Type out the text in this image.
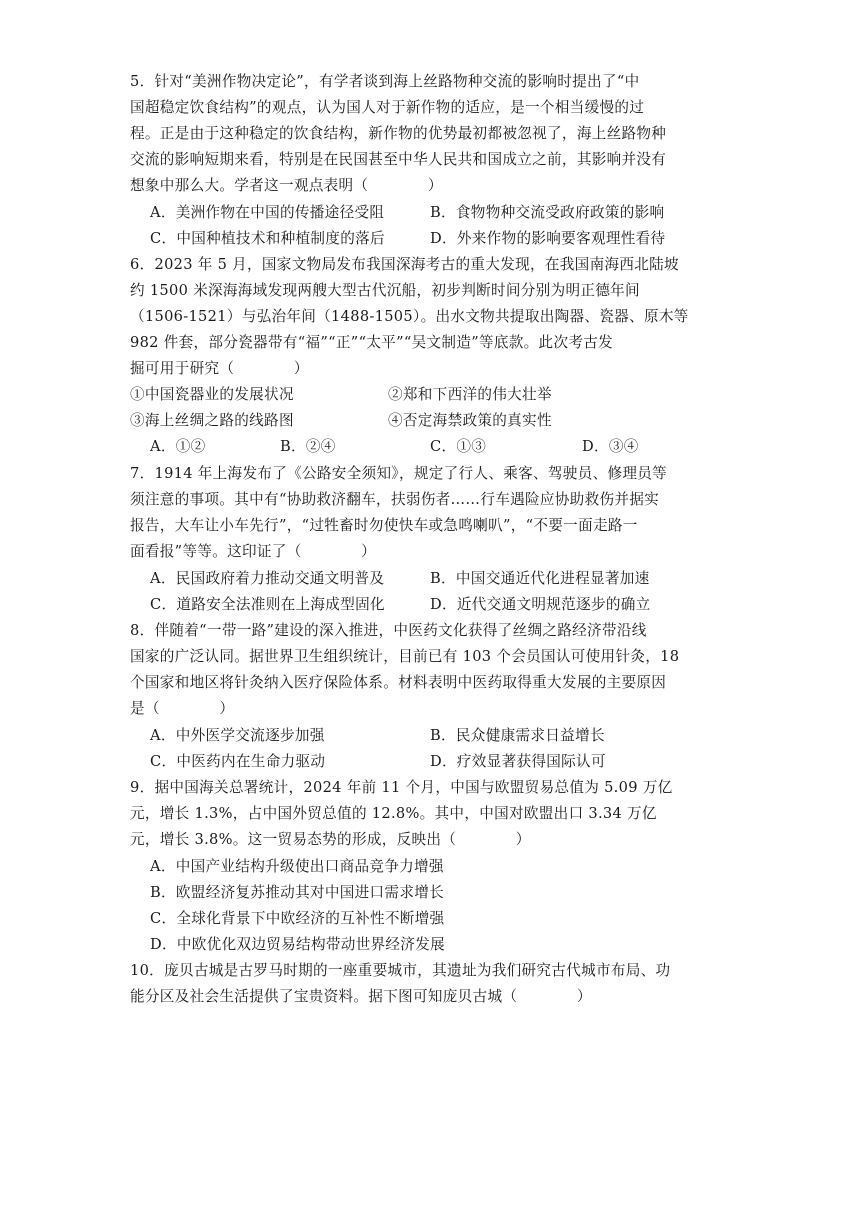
5．针对“美洲作物决定论”，有学者谈到海上丝路物种交流的影响时提出了“中
国超稳定饮食结构”的观点，认为国人对于新作物的适应，是一个相当缓慢的过
程。正是由于这种稳定的饮食结构，新作物的优势最初都被忽视了，海上丝路物种
交流的影响短期来看，特别是在民国甚至中华人民共和国成立之前，其影响并没有
想象中那么大。学者这一观点表明（　　　　）
A．美洲作物在中国的传播途径受阻	B．食物物种交流受政府政策的影响
C．中国种植技术和种植制度的落后	D．外来作物的影响要客观理性看待
6．2023 年 5 月，国家文物局发布我国深海考古的重大发现，在我国南海西北陆坡
约 1500 米深海海域发现两艘大型古代沉船，初步判断时间分别为明正德年间
（1506-1521）与弘治年间（1488-1505）。出水文物共提取出陶器、瓷器、原木等
982 件套，部分瓷器带有“福”“正”“太平”“吴文制造”等底款。此次考古发
掘可用于研究（　　　　）
①中国瓷器业的发展状况	②郑和下西洋的伟大壮举
③海上丝绸之路的线路图	④否定海禁政策的真实性
A．①②	B．②④	C．①③	D．③④
7．1914 年上海发布了《公路安全须知》，规定了行人、乘客、驾驶员、修理员等
须注意的事项。其中有“协助救济翻车，扶弱伤者……行车遇险应协助救伤并据实
报告，大车让小车先行”，“过牲畜时勿使快车或急鸣喇叭”，“不要一面走路一
面看报”等等。这印证了（　　　　）
A．民国政府着力推动交通文明普及	B．中国交通近代化进程显著加速
C．道路安全法准则在上海成型固化	D．近代交通文明规范逐步的确立
8．伴随着“一带一路”建设的深入推进，中医药文化获得了丝绸之路经济带沿线
国家的广泛认同。据世界卫生组织统计，目前已有 103 个会员国认可使用针灸，18
个国家和地区将针灸纳入医疗保险体系。材料表明中医药取得重大发展的主要原因
是（　　　　）
A．中外医学交流逐步加强	B．民众健康需求日益增长
C．中医药内在生命力驱动	D．疗效显著获得国际认可
9．据中国海关总署统计，2024 年前 11 个月，中国与欧盟贸易总值为 5.09 万亿
元，增长 1.3%，占中国外贸总值的 12.8%。其中，中国对欧盟出口 3.34 万亿
元，增长 3.8%。这一贸易态势的形成，反映出（　　　　）
A．中国产业结构升级使出口商品竞争力增强
B．欧盟经济复苏推动其对中国进口需求增长
C．全球化背景下中欧经济的互补性不断增强
D．中欧优化双边贸易结构带动世界经济发展
10．庞贝古城是古罗马时期的一座重要城市，其遗址为我们研究古代城市布局、功
能分区及社会生活提供了宝贵资料。据下图可知庞贝古城（　　　　）
